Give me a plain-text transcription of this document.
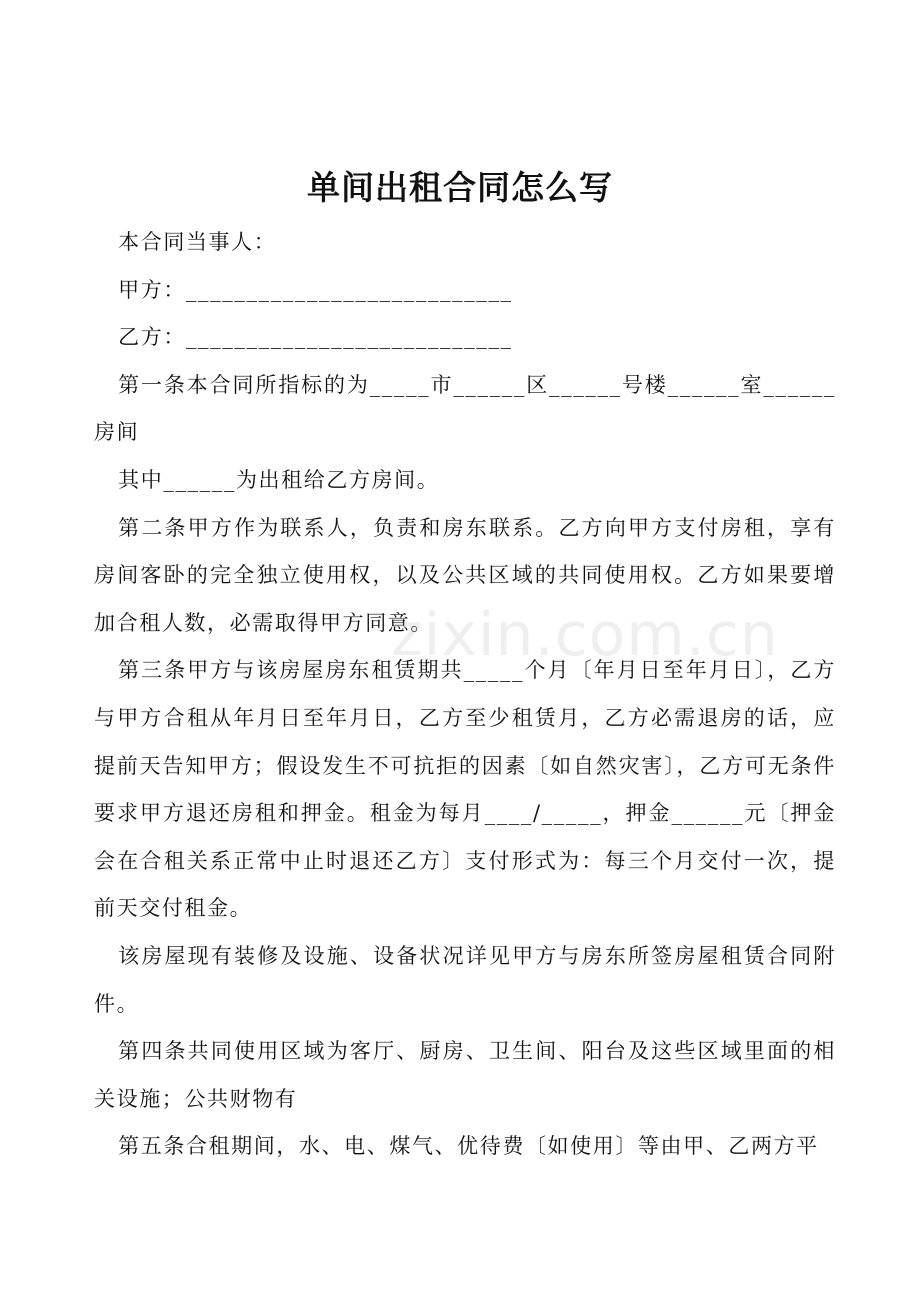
单间出租合同怎么写

本合同当事人：

甲方：___________________________

乙方：___________________________

第一条本合同所指标的为_____市______区______号楼______室______房间

其中______为出租给乙方房间。

第二条甲方作为联系人，负责和房东联系。乙方向甲方支付房租，享有房间客卧的完全独立使用权，以及公共区域的共同使用权。乙方如果要增加合租人数，必需取得甲方同意。

第三条甲方与该房屋房东租赁期共_____个月〔年月日至年月日〕，乙方与甲方合租从年月日至年月日，乙方至少租赁月，乙方必需退房的话，应提前天告知甲方；假设发生不可抗拒的因素〔如自然灾害〕，乙方可无条件要求甲方退还房租和押金。租金为每月____/_____，押金______元〔押金会在合租关系正常中止时退还乙方〕支付形式为：每三个月交付一次，提前天交付租金。

该房屋现有装修及设施、设备状况详见甲方与房东所签房屋租赁合同附件。

第四条共同使用区域为客厅、厨房、卫生间、阳台及这些区域里面的相关设施；公共财物有

第五条合租期间，水、电、煤气、优待费〔如使用〕等由甲、乙两方平

zixin.com.cn
